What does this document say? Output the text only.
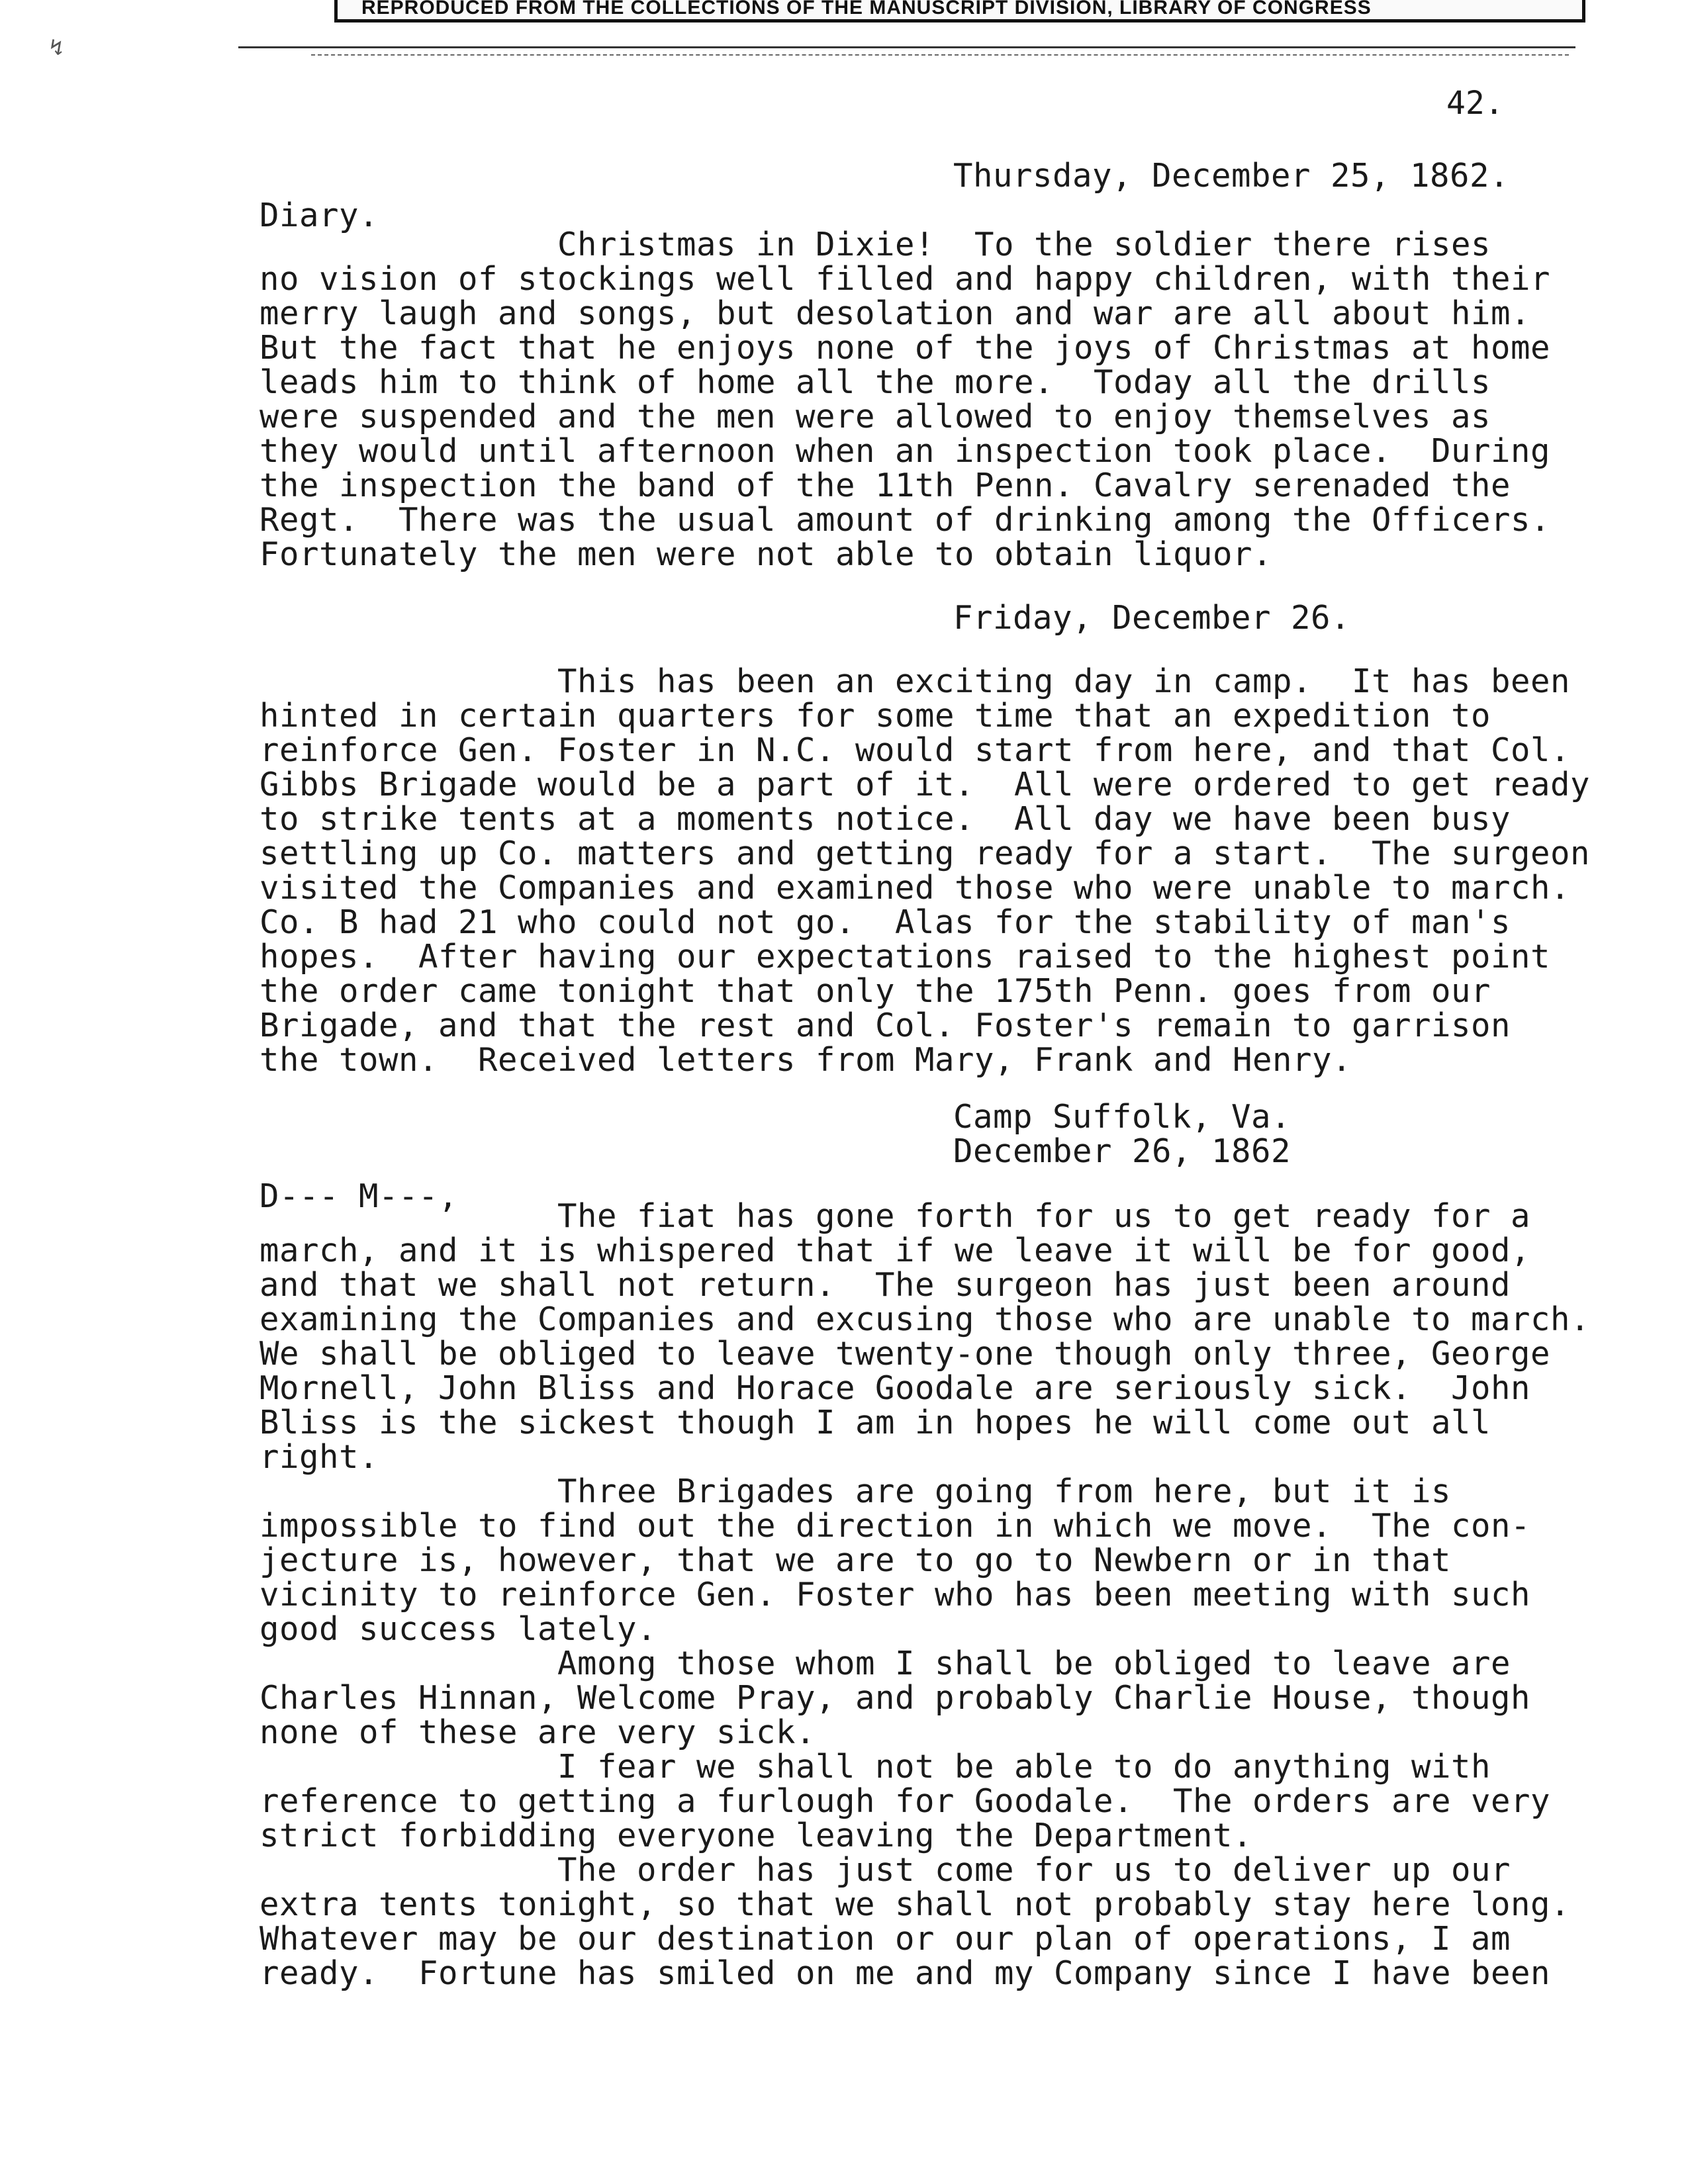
REPRODUCED FROM THE COLLECTIONS OF THE MANUSCRIPT DIVISION, LIBRARY OF CONGRESS
↯
42.
Thursday, December 25, 1862.
Diary.
Christmas in Dixie!  To the soldier there rises
no vision of stockings well filled and happy children, with their
merry laugh and songs, but desolation and war are all about him.
But the fact that he enjoys none of the joys of Christmas at home
leads him to think of home all the more.  Today all the drills
were suspended and the men were allowed to enjoy themselves as
they would until afternoon when an inspection took place.  During
the inspection the band of the 11th Penn. Cavalry serenaded the
Regt.  There was the usual amount of drinking among the Officers.
Fortunately the men were not able to obtain liquor.
Friday, December 26.
This has been an exciting day in camp.  It has been
hinted in certain quarters for some time that an expedition to
reinforce Gen. Foster in N.C. would start from here, and that Col.
Gibbs Brigade would be a part of it.  All were ordered to get ready
to strike tents at a moments notice.  All day we have been busy
settling up Co. matters and getting ready for a start.  The surgeon
visited the Companies and examined those who were unable to march.
Co. B had 21 who could not go.  Alas for the stability of man's
hopes.  After having our expectations raised to the highest point
the order came tonight that only the 175th Penn. goes from our
Brigade, and that the rest and Col. Foster's remain to garrison
the town.  Received letters from Mary, Frank and Henry.
Camp Suffolk, Va.
December 26, 1862
D--- M---,
The fiat has gone forth for us to get ready for a
march, and it is whispered that if we leave it will be for good,
and that we shall not return.  The surgeon has just been around
examining the Companies and excusing those who are unable to march.
We shall be obliged to leave twenty-one though only three, George
Mornell, John Bliss and Horace Goodale are seriously sick.  John
Bliss is the sickest though I am in hopes he will come out all
right.
Three Brigades are going from here, but it is
impossible to find out the direction in which we move.  The con-
jecture is, however, that we are to go to Newbern or in that
vicinity to reinforce Gen. Foster who has been meeting with such
good success lately.
Among those whom I shall be obliged to leave are
Charles Hinnan, Welcome Pray, and probably Charlie House, though
none of these are very sick.
I fear we shall not be able to do anything with
reference to getting a furlough for Goodale.  The orders are very
strict forbidding everyone leaving the Department.
The order has just come for us to deliver up our
extra tents tonight, so that we shall not probably stay here long.
Whatever may be our destination or our plan of operations, I am
ready.  Fortune has smiled on me and my Company since I have been
